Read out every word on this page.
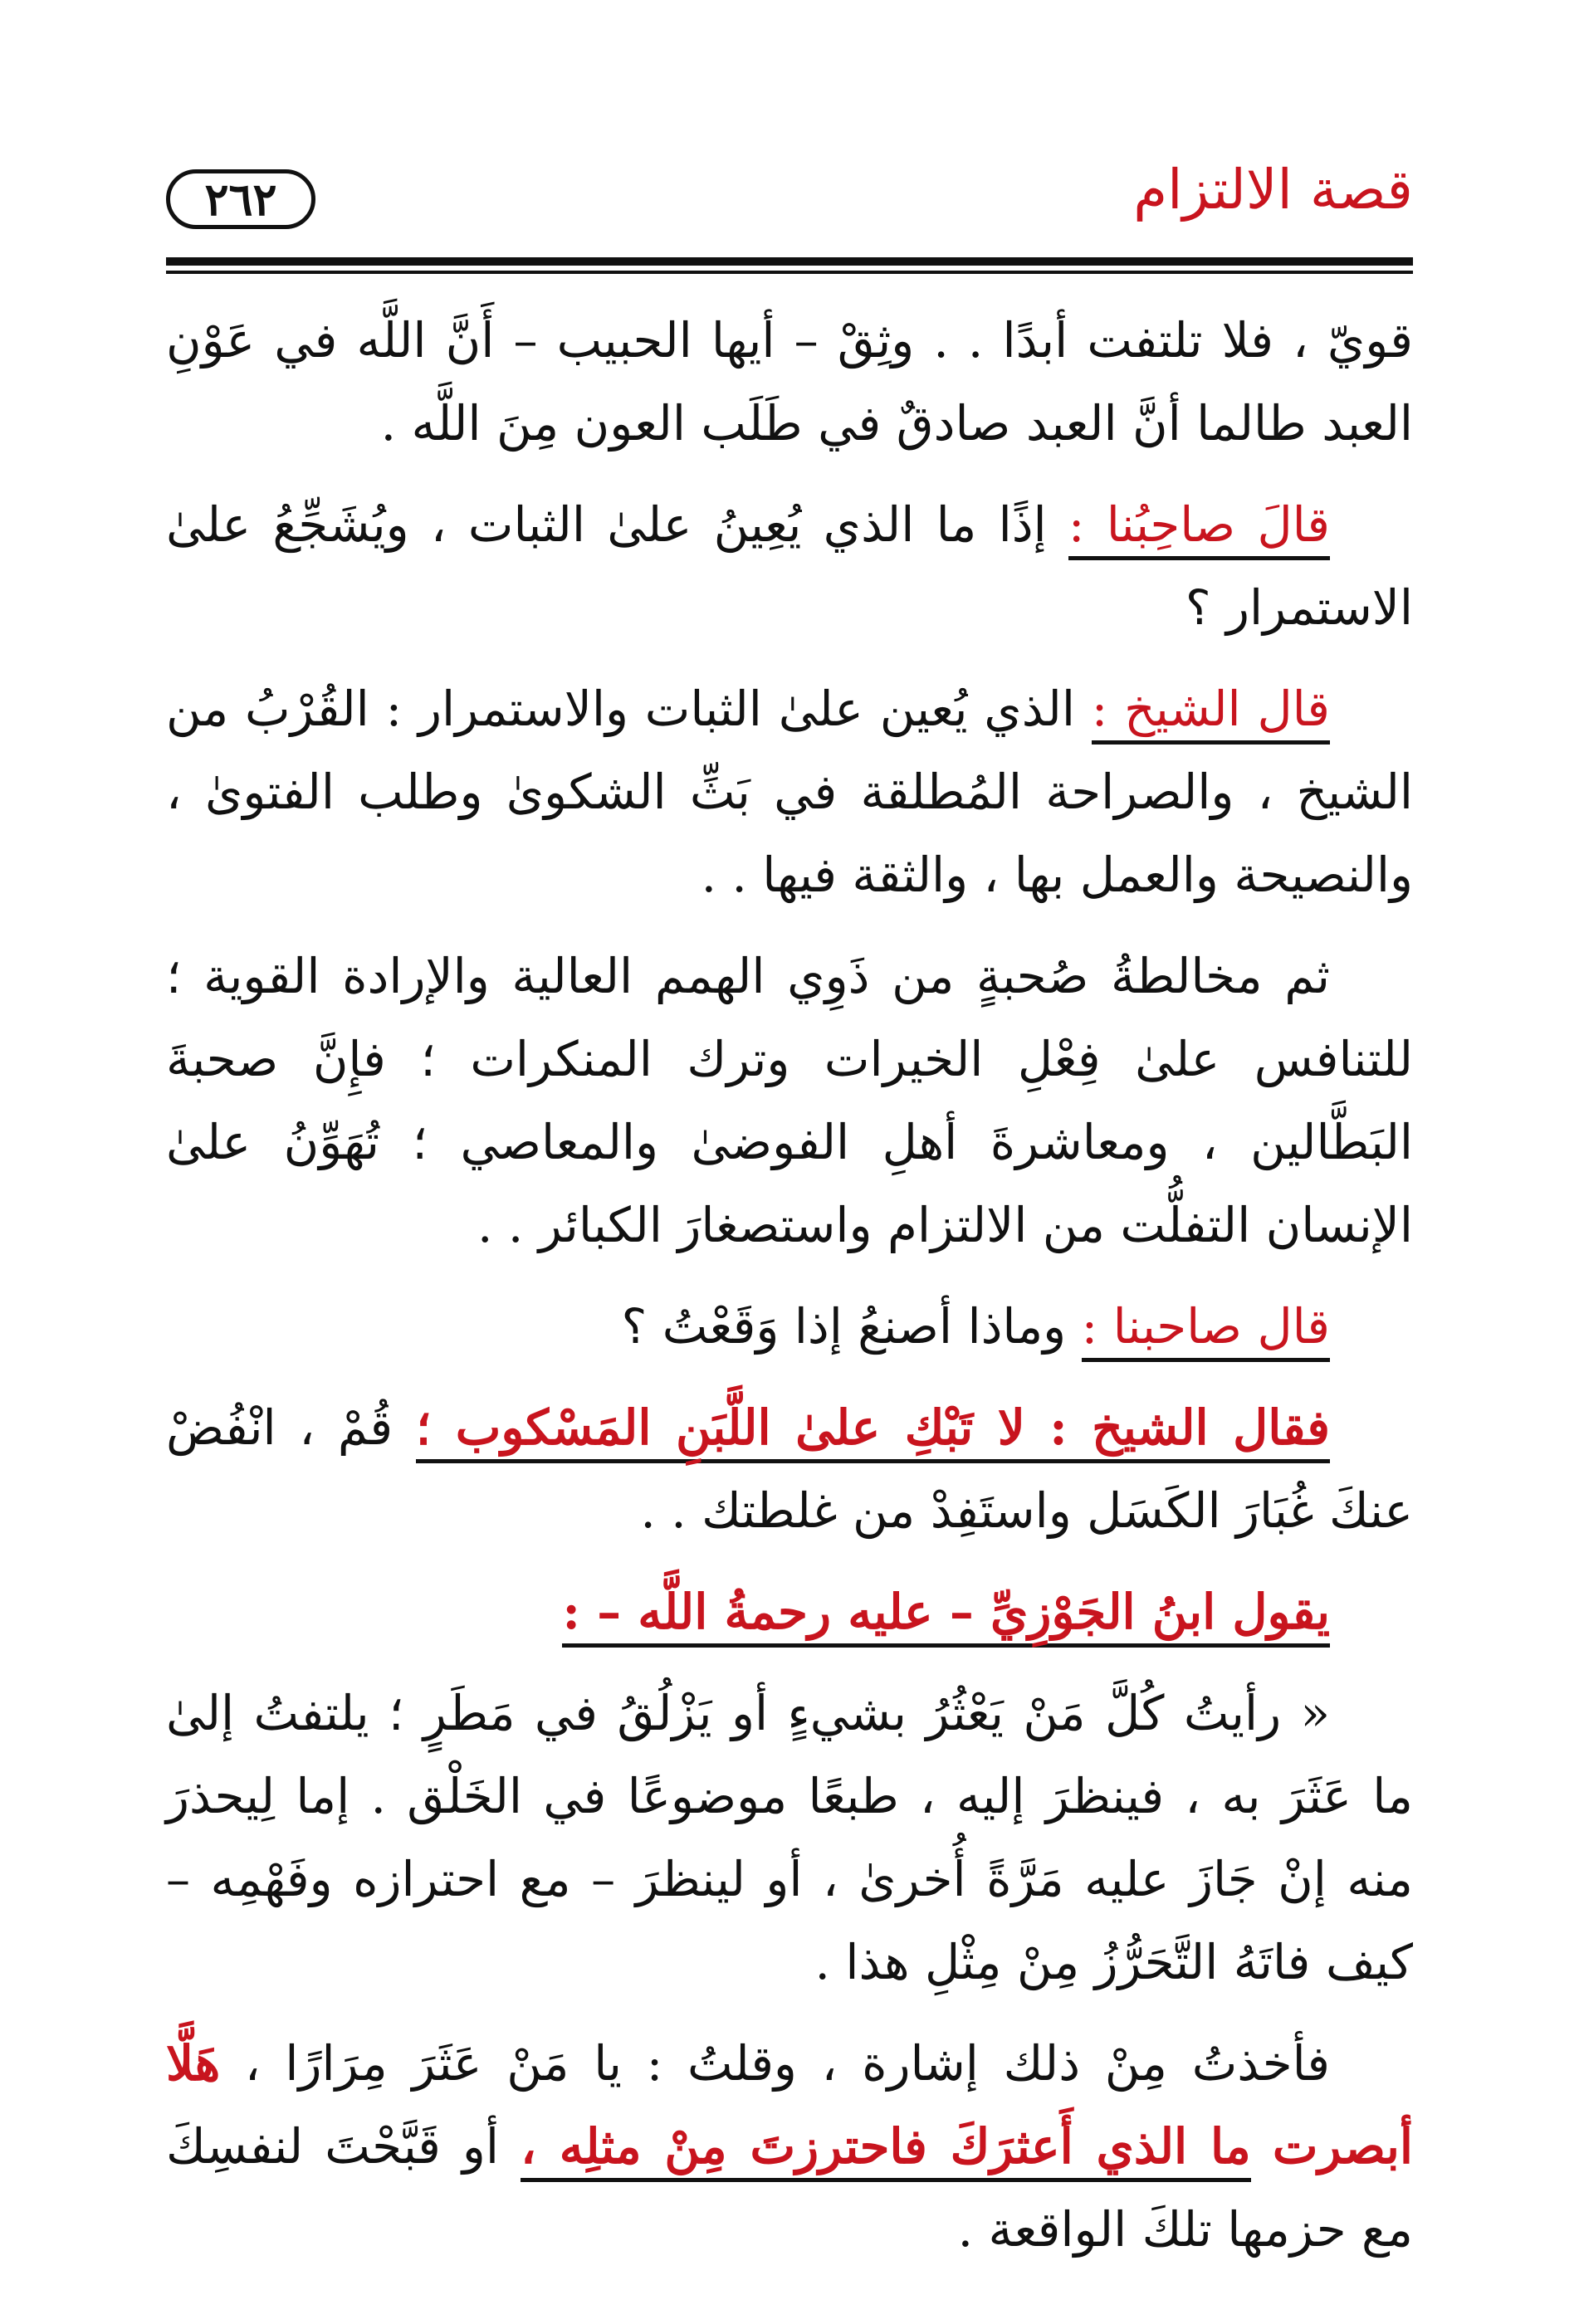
قصة الالتزام
٢٦٢

قويّ ، فلا تلتفت أبدًا . . وثِقْ – أيها الحبيب – أَنَّ اللَّه في عَوْنِ العبد طالما أنَّ العبد صادقٌ في طَلَب العون مِنَ اللَّه .

قالَ صاحِبُنا : إذًا ما الذي يُعِينُ علىٰ الثبات ، ويُشَجِّعُ علىٰ الاستمرار ؟

قال الشيخ : الذي يُعين علىٰ الثبات والاستمرار : القُرْبُ من الشيخ ، والصراحة المُطلقة في بَثِّ الشكوىٰ وطلب الفتوىٰ ، والنصيحة والعمل بها ، والثقة فيها . .

ثم مخالطةُ صُحبةٍ من ذَوِي الهمم العالية والإرادة القوية ؛ للتنافس علىٰ فِعْلِ الخيرات وترك المنكرات ؛ فإِنَّ صحبةَ البَطَّالين ، ومعاشرةَ أهلِ الفوضىٰ والمعاصي ؛ تُهَوِّنُ علىٰ الإنسان التفلُّت من الالتزام واستصغارَ الكبائر . .

قال صاحبنا : وماذا أصنعُ إذا وَقَعْتُ ؟

فقال الشيخ : لا تَبْكِ علىٰ اللَّبَنِ المَسْكوب ؛ قُمْ ، انْفُضْ عنكَ غُبَارَ الكَسَل واستَفِدْ من غلطتك . .

يقول ابنُ الجَوْزِيِّ – عليه رحمةُ اللَّه – :

« رأيتُ كُلَّ مَنْ يَعْثُرُ بشيءٍ أو يَزْلُقُ في مَطَرٍ ؛ يلتفتُ إلىٰ ما عَثَرَ به ، فينظرَ إليه ، طبعًا موضوعًا في الخَلْق . إما لِيحذرَ منه إنْ جَازَ عليه مَرَّةً أُخرىٰ ، أو لينظرَ – مع احترازه وفَهْمِه – كيف فاتَهُ التَّحَرُّزُ مِنْ مِثْلِ هذا .

فأخذتُ مِنْ ذلك إشارة ، وقلتُ : يا مَنْ عَثَرَ مِرَارًا ، هَلَّا أبصرت ما الذي أَعثرَكَ فاحترزتَ مِنْ مثلِه ، أو قَبَّحْتَ لنفسِكَ مع حزمها تلكَ الواقعة .
